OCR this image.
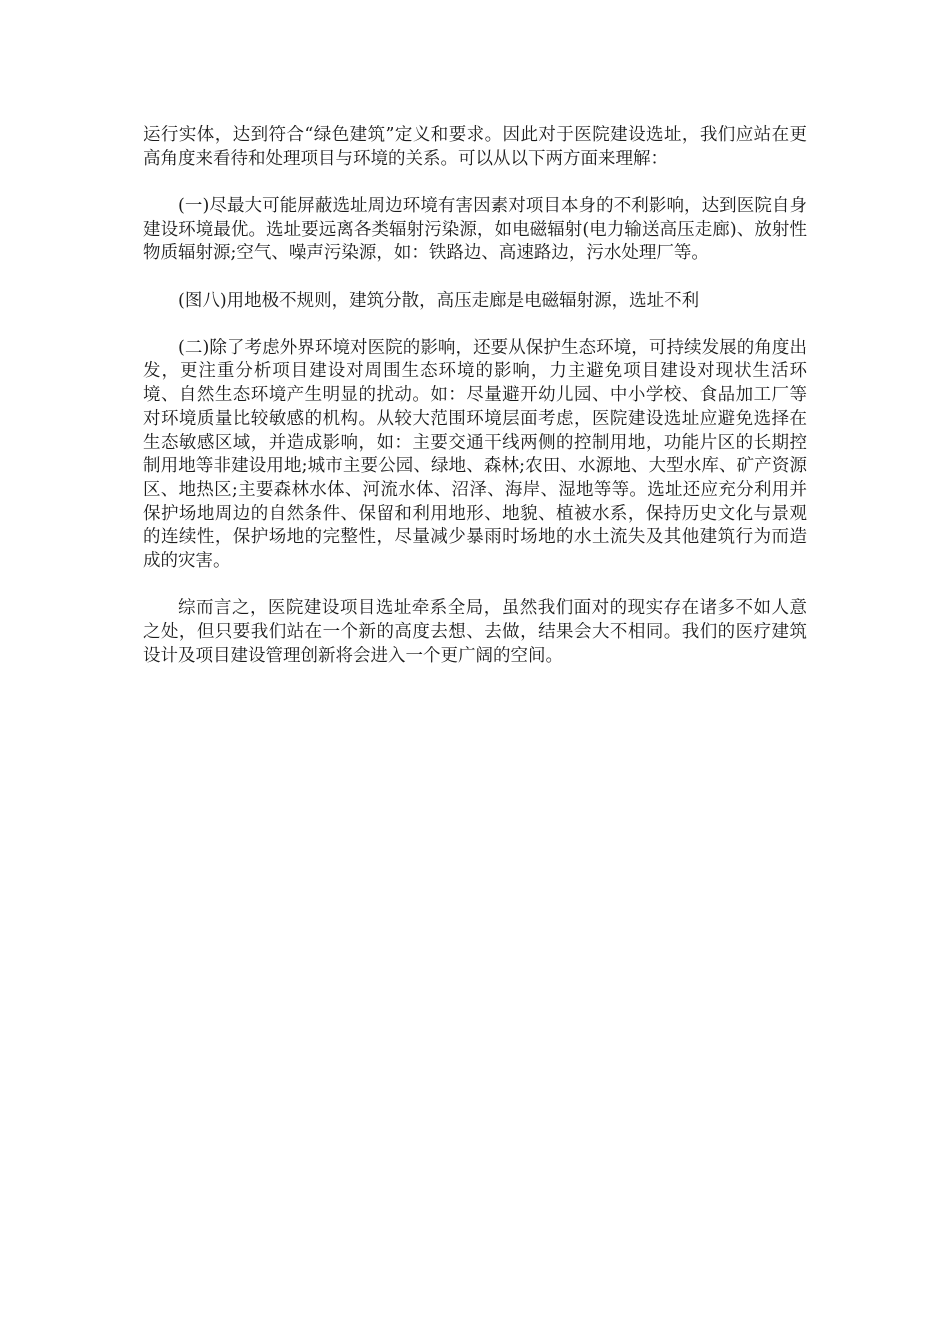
运行实体，达到符合“绿色建筑”定义和要求。因此对于医院建设选址，我们应站在更高角度来看待和处理项目与环境的关系。可以从以下两方面来理解：

(一)尽最大可能屏蔽选址周边环境有害因素对项目本身的不利影响，达到医院自身建设环境最优。选址要远离各类辐射污染源，如电磁辐射(电力输送高压走廊)、放射性物质辐射源;空气、噪声污染源，如：铁路边、高速路边，污水处理厂等。

(图八)用地极不规则，建筑分散，高压走廊是电磁辐射源，选址不利

(二)除了考虑外界环境对医院的影响，还要从保护生态环境，可持续发展的角度出发，更注重分析项目建设对周围生态环境的影响，力主避免项目建设对现状生活环境、自然生态环境产生明显的扰动。如：尽量避开幼儿园、中小学校、食品加工厂等对环境质量比较敏感的机构。从较大范围环境层面考虑，医院建设选址应避免选择在生态敏感区域，并造成影响，如：主要交通干线两侧的控制用地，功能片区的长期控制用地等非建设用地;城市主要公园、绿地、森林;农田、水源地、大型水库、矿产资源区、地热区;主要森林水体、河流水体、沼泽、海岸、湿地等等。选址还应充分利用并保护场地周边的自然条件、保留和利用地形、地貌、植被水系，保持历史文化与景观的连续性，保护场地的完整性，尽量减少暴雨时场地的水土流失及其他建筑行为而造成的灾害。

综而言之，医院建设项目选址牵系全局，虽然我们面对的现实存在诸多不如人意之处，但只要我们站在一个新的高度去想、去做，结果会大不相同。我们的医疗建筑设计及项目建设管理创新将会进入一个更广阔的空间。
